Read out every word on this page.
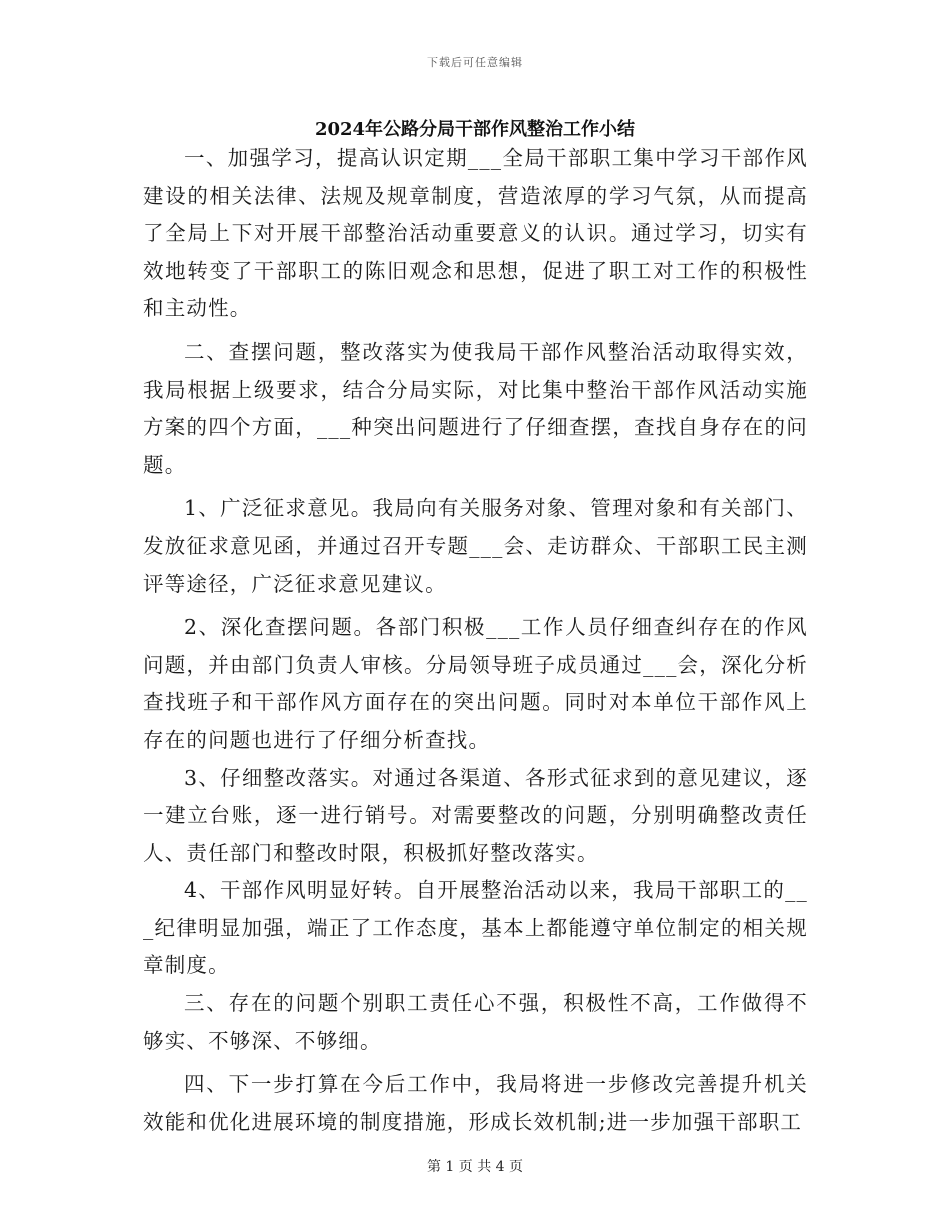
下载后可任意编辑
2024年公路分局干部作风整治工作小结

一、加强学习，提高认识定期___全局干部职工集中学习干部作风建设的相关法律、法规及规章制度，营造浓厚的学习气氛，从而提高了全局上下对开展干部整治活动重要意义的认识。通过学习，切实有效地转变了干部职工的陈旧观念和思想，促进了职工对工作的积极性和主动性。

二、查摆问题，整改落实为使我局干部作风整治活动取得实效，我局根据上级要求，结合分局实际，对比集中整治干部作风活动实施方案的四个方面，___种突出问题进行了仔细查摆，查找自身存在的问题。

1、广泛征求意见。我局向有关服务对象、管理对象和有关部门、发放征求意见函，并通过召开专题___会、走访群众、干部职工民主测评等途径，广泛征求意见建议。

2、深化查摆问题。各部门积极___工作人员仔细查纠存在的作风问题，并由部门负责人审核。分局领导班子成员通过___会，深化分析查找班子和干部作风方面存在的突出问题。同时对本单位干部作风上存在的问题也进行了仔细分析查找。

3、仔细整改落实。对通过各渠道、各形式征求到的意见建议，逐一建立台账，逐一进行销号。对需要整改的问题，分别明确整改责任人、责任部门和整改时限，积极抓好整改落实。

4、干部作风明显好转。自开展整治活动以来，我局干部职工的___纪律明显加强，端正了工作态度，基本上都能遵守单位制定的相关规章制度。

三、存在的问题个别职工责任心不强，积极性不高，工作做得不够实、不够深、不够细。

四、下一步打算在今后工作中，我局将进一步修改完善提升机关效能和优化进展环境的制度措施，形成长效机制;进一步加强干部职工

第 1 页 共 4 页
